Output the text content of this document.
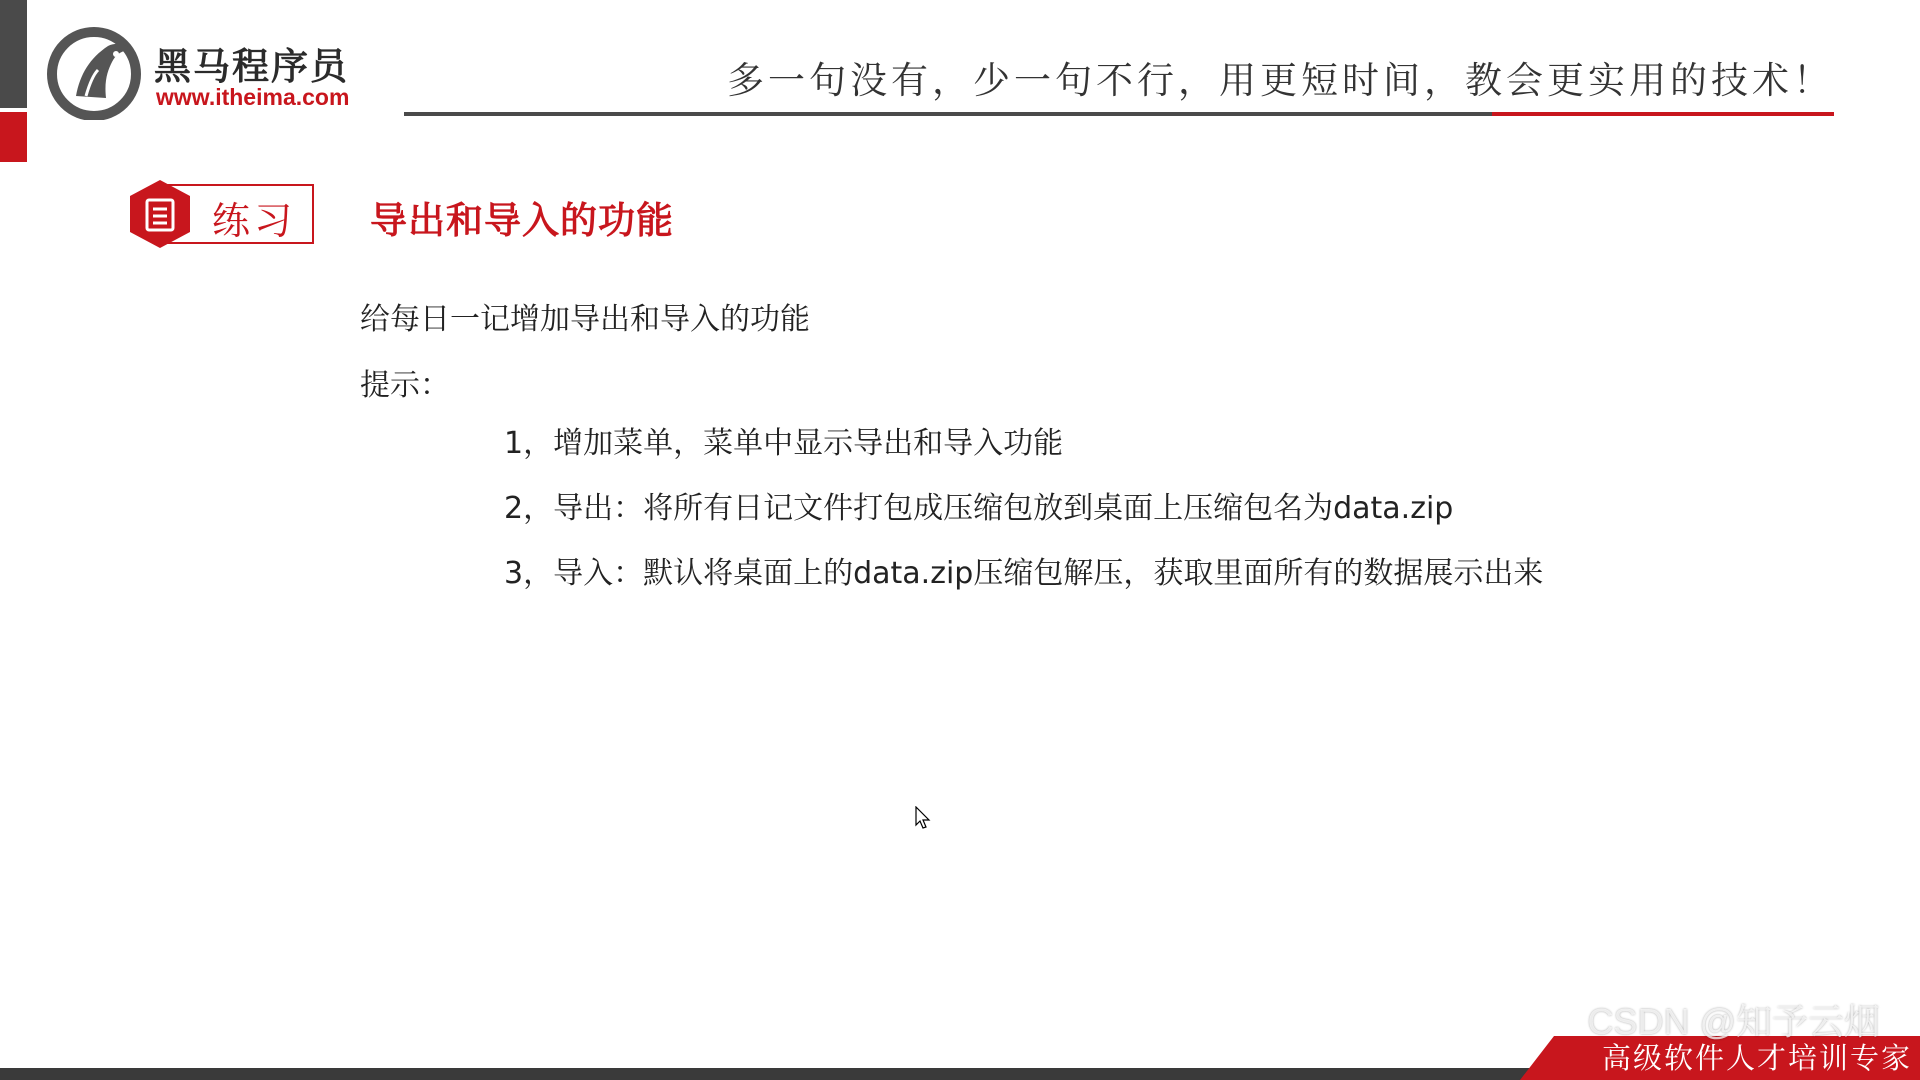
黑马程序员
www.itheima.com	多一句没有，少一句不行，用更短时间，教会更实用的技术！
练习 导出和导入的功能
给每日一记增加导出和导入的功能
提示：
1，增加菜单，菜单中显示导出和导入功能
2，导出：将所有日记文件打包成压缩包放到桌面上压缩包名为data.zip
3，导入：默认将桌面上的data.zip压缩包解压，获取里面所有的数据展示出来
高级软件人才培训专家
CSDN @知予云烟
